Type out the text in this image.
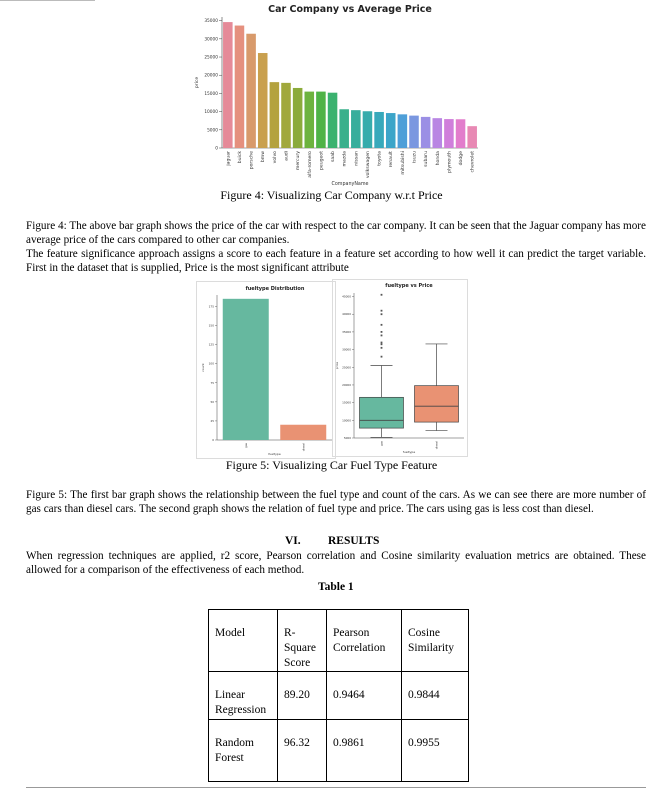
Car Company vs Average Price
0
5000
10000
15000
20000
25000
30000
35000
price
jaguar buick porsche bmw volvo audi mercury alfa-romero peugeot saab mazda nissan volkswagen toyota renault mitsubishi isuzu subaru honda plymouth dodge chevrolet
CompanyName
Figure 4: Visualizing Car Company w.r.t Price

Figure 4: The above bar graph shows the price of the car with respect to the car company. It can be seen that the Jaguar company has more average price of the cars compared to other car companies.

The feature significance approach assigns a score to each feature in a feature set according to how well it can predict the target variable. First in the dataset that is supplied, Price is the most significant attribute

fueltype Distribution
0
25
50
75
100
125
150
175
count
gas	diesel
fueltype
fueltype vs Price
5000
10000
15000
20000
25000
30000
35000
40000
45000
price
gas	diesel
fueltype
Figure 5: Visualizing Car Fuel Type Feature

Figure 5: The first bar graph shows the relationship between the fuel type and count of the cars. As we can see there are more number of gas cars than diesel cars. The second graph shows the relation of fuel type and price. The cars using gas is less cost than diesel.

VI. RESULTS

When regression techniques are applied, r2 score, Pearson correlation and Cosine similarity evaluation metrics are obtained. These allowed for a comparison of the effectiveness of each method.

Table 1
Model	R-Square Score	Pearson Correlation	Cosine Similarity
Linear Regression	89.20	0.9464	0.9844
Random Forest	96.32	0.9861	0.9955
